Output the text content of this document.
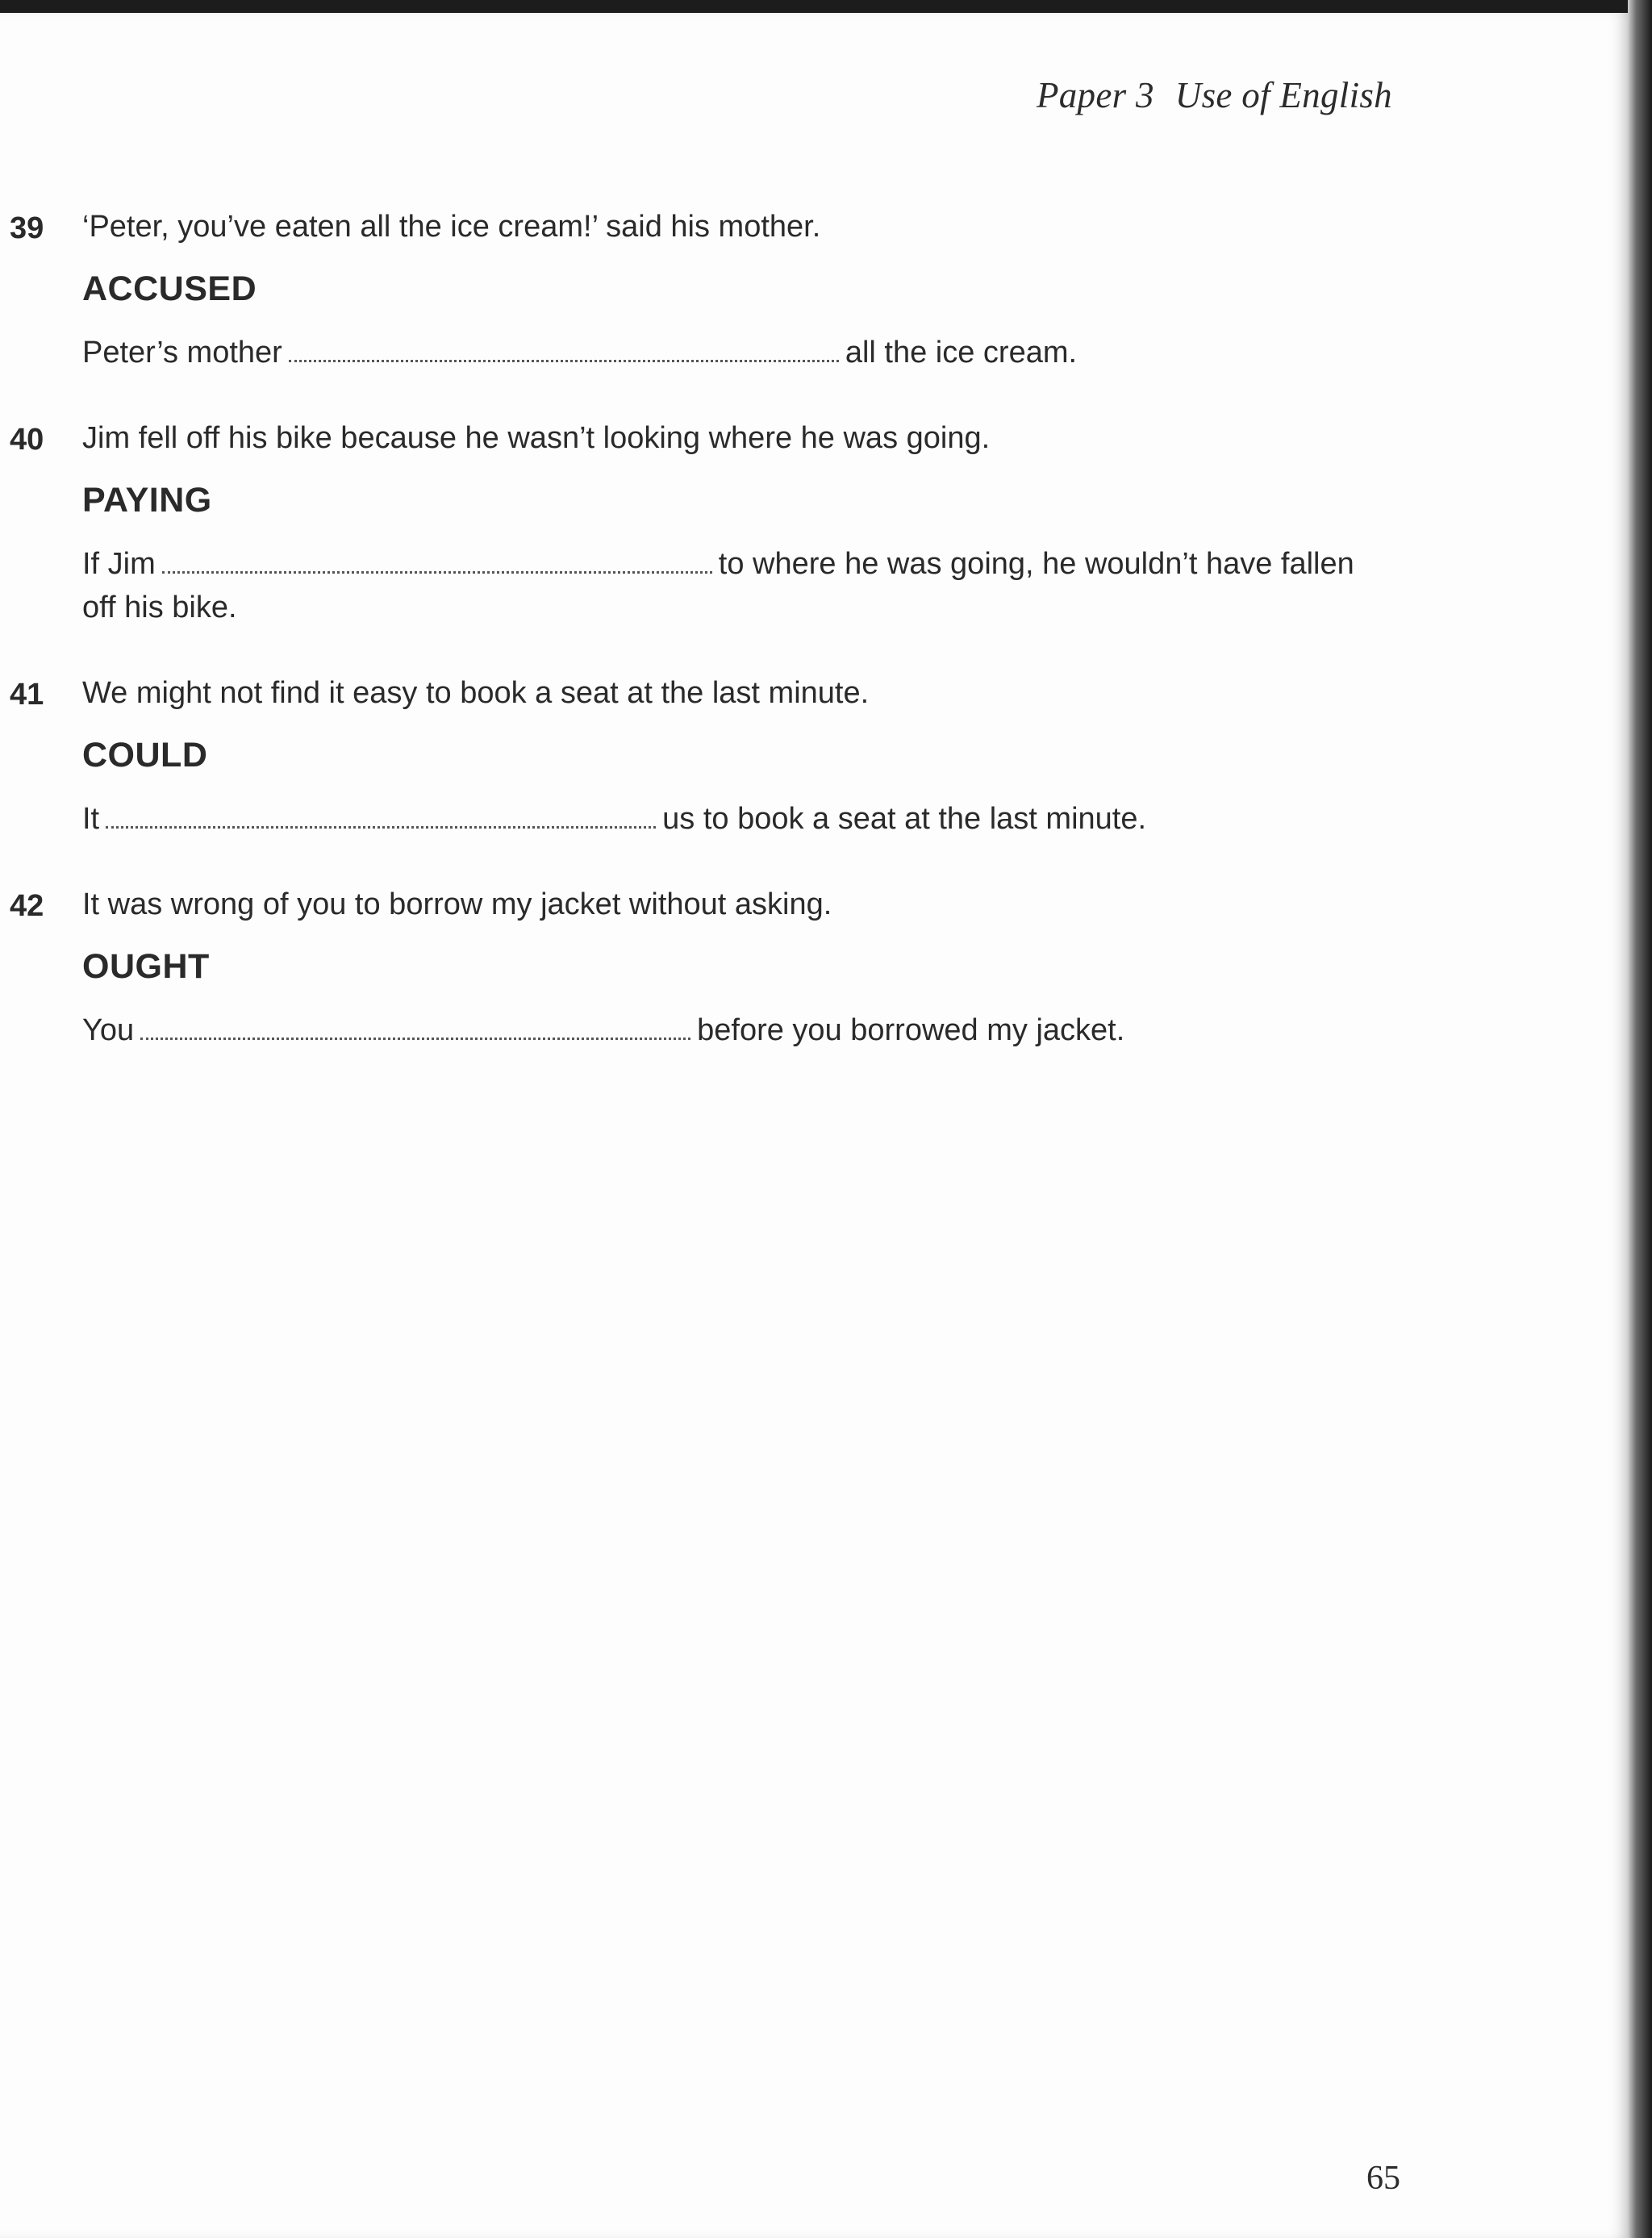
Paper 3 Use of English
39 ‘Peter, you’ve eaten all the ice cream!’ said his mother.
ACCUSED
Peter’s mother	all the ice cream.
40 Jim fell off his bike because he wasn’t looking where he was going.
PAYING
If Jim	to where he was going, he wouldn’t have fallen
off his bike.
41 We might not find it easy to book a seat at the last minute.
COULD
It	us to book a seat at the last minute.
42 It was wrong of you to borrow my jacket without asking.
OUGHT
You	before you borrowed my jacket.
65
